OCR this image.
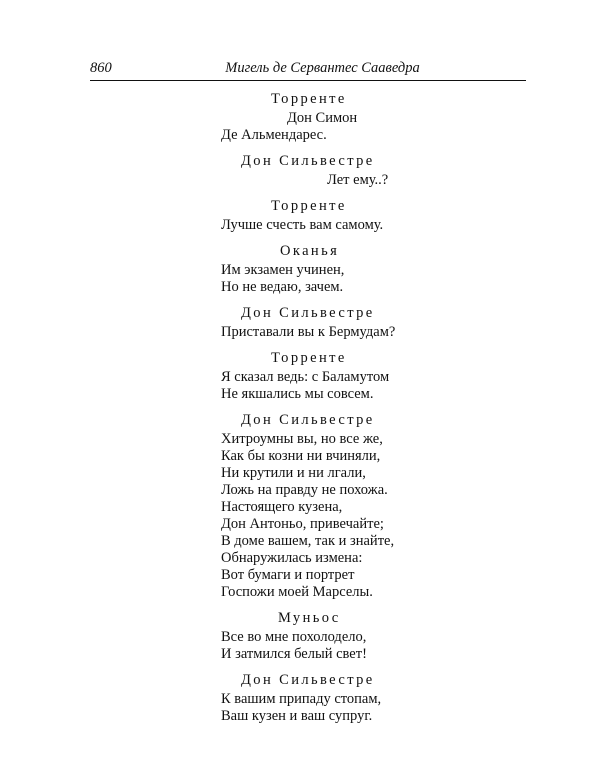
860	Мигель де Сервантес Сааведра
Торренте
Дон Симон
Де Альмендарес.
Дон Сильвестре
Лет ему..?
Торренте
Лучше счесть вам самому.
Оканья
Им экзамен учинен,
Но не ведаю, зачем.
Дон Сильвестре
Приставали вы к Бермудам?
Торренте
Я сказал ведь: с Баламутом
Не якшались мы совсем.
Дон Сильвестре
Хитроумны вы, но все же,
Как бы козни ни вчиняли,
Ни крутили и ни лгали,
Ложь на правду не похожа.
Настоящего кузена,
Дон Антоньо, привечайте;
В доме вашем, так и знайте,
Обнаружилась измена:
Вот бумаги и портрет
Госпожи моей Марселы.
Муньос
Все во мне похолодело,
И затмился белый свет!
Дон Сильвестре
К вашим припаду стопам,
Ваш кузен и ваш супруг.
